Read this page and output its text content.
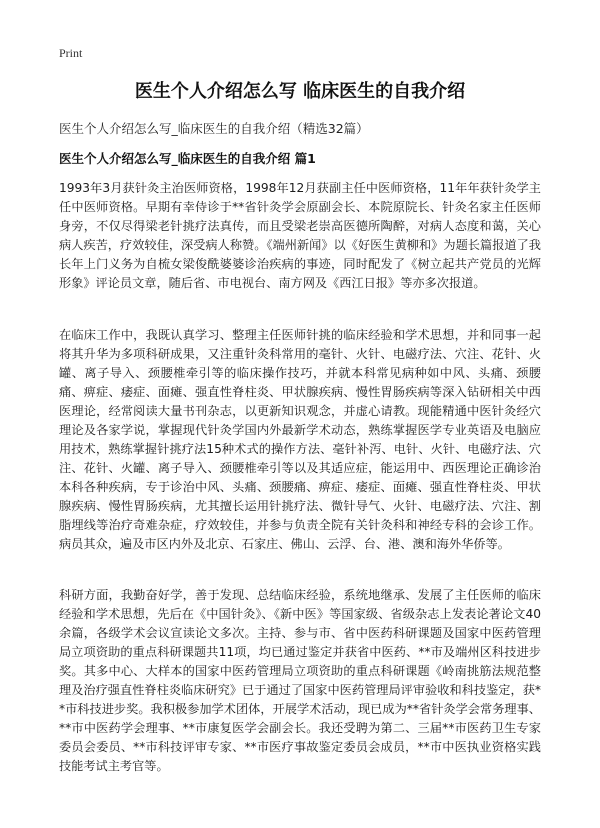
Print
医生个人介绍怎么写 临床医生的自我介绍
医生个人介绍怎么写_临床医生的自我介绍（精选32篇）
医生个人介绍怎么写_临床医生的自我介绍 篇1

1993年3月获针灸主治医师资格，1998年12月获副主任中医师资格，11年年获针灸学主任中医师资格。早期有幸侍诊于**省针灸学会原副会长、本院原院长、针灸名家主任医师身旁，不仅尽得梁老针挑疗法真传，而且受梁老崇高医德所陶醉，对病人态度和蔼，关心病人疾苦，疗效较佳，深受病人称赞。《端州新闻》以《好医生黄柳和》为题长篇报道了我长年上门义务为自梳女梁俊酰婆婆诊治疾病的事迹，同时配发了《树立起共产党员的光辉形象》评论员文章，随后省、市电视台、南方网及《西江日报》等亦多次报道。

在临床工作中，我既认真学习、整理主任医师针挑的临床经验和学术思想，并和同事一起将其升华为多项科研成果，又注重针灸科常用的毫针、火针、电磁疗法、穴注、花针、火罐、离子导入、颈腰椎牵引等的临床操作技巧，并就本科常见病种如中风、头痛、颈腰痛、痹症、痿症、面瘫、强直性脊柱炎、甲状腺疾病、慢性胃肠疾病等深入钻研相关中西医理论，经常阅读大量书刊杂志，以更新知识观念，并虚心请教。现能精通中医针灸经穴理论及各家学说，掌握现代针灸学国内外最新学术动态，熟练掌握医学专业英语及电脑应用技术，熟练掌握针挑疗法15种术式的操作方法、毫针补泻、电针、火针、电磁疗法、穴注、花针、火罐、离子导入、颈腰椎牵引等以及其适应症，能运用中、西医理论正确诊治本科各种疾病，专于诊治中风、头痛、颈腰痛、痹症、痿症、面瘫、强直性脊柱炎、甲状腺疾病、慢性胃肠疾病，尤其擅长运用针挑疗法、微针导气、火针、电磁疗法、穴注、割脂埋线等治疗奇难杂症，疗效较佳，并参与负责全院有关针灸科和神经专科的会诊工作。病员其众，遍及市区内外及北京、石家庄、佛山、云浮、台、港、澳和海外华侨等。

科研方面，我勤奋好学，善于发现、总结临床经验，系统地继承、发展了主任医师的临床经验和学术思想，先后在《中国针灸》、《新中医》等国家级、省级杂志上发表论著论文40余篇，各级学术会议宣读论文多次。主持、参与市、省中医药科研课题及国家中医药管理局立项资助的重点科研课题共11项，均已通过鉴定并获省中医药、**市及端州区科技进步奖。其多中心、大样本的国家中医药管理局立项资助的重点科研课题《岭南挑筋法规范整理及治疗强直性脊柱炎临床研究》已于通过了国家中医药管理局评审验收和科技鉴定，获**市科技进步奖。我积极参加学术团体，开展学术活动，现已成为**省针灸学会常务理事、**市中医药学会理事、**市康复医学会副会长。我还受聘为第二、三届**市医药卫生专家委员会委员、**市科技评审专家、**市医疗事故鉴定委员会成员，**市中医执业资格实践技能考试主考官等。
